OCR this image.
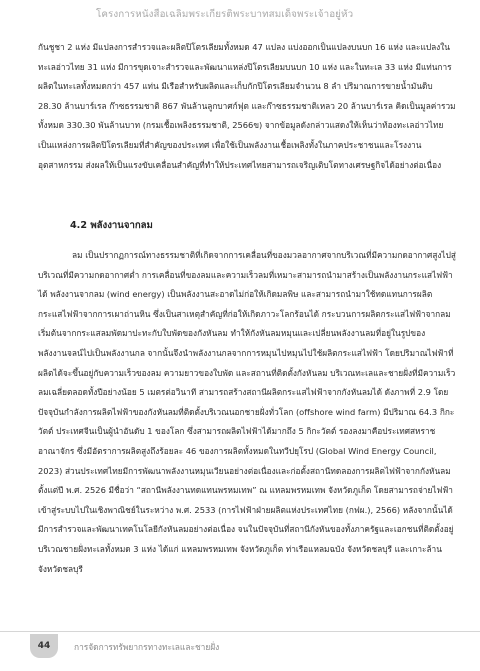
โครงการหนังสือเฉลิมพระเกียรติพระบาทสมเด็จพระเจ้าอยู่หัว

กันชูชา 2 แห่ง มีแปลงการสำรวจและผลิตปิโตรเลียมทั้งหมด 47 แปลง แบ่งออกเป็นแปลงบนบก 16 แห่ง และแปลงในทะเลอ่าวไทย 31 แห่ง มีการขุดเจาะสำรวจและพัฒนาแหล่งปิโตรเลียมบนบก 10 แห่ง และในทะเล 33 แห่ง มีแท่นการผลิตในทะเลทั้งหมดกว่า 457 แท่น มีเรือสำหรับผลิตและเก็บกักปิโตรเลียมจำนวน 8 ลำ ปริมาณการขายน้ำมันดิบ 28.30 ล้านบาร์เรล ก๊าซธรรมชาติ 867 พันล้านลูกบาศก์ฟุต และก๊าซธรรมชาติเหลว 20 ล้านบาร์เรล คิดเป็นมูลค่ารวมทั้งหมด 330.30 พันล้านบาท (กรมเชื้อเพลิงธรรมชาติ, 2566ข) จากข้อมูลดังกล่าวแสดงให้เห็นว่าท้องทะเลอ่าวไทย เป็นแหล่งการผลิตปิโตรเลียมที่สำคัญของประเทศ เพื่อใช้เป็นพลังงานเชื้อเพลิงทั้งในภาคประชาชนและโรงงานอุตสาหกรรม ส่งผลให้เป็นแรงขับเคลื่อนสำคัญที่ทำให้ประเทศไทยสามารถเจริญเติบโตทางเศรษฐกิจได้อย่างต่อเนื่อง

4.2 พลังงานจากลม

ลม เป็นปรากฏการณ์ทางธรรมชาติที่เกิดจากการเคลื่อนที่ของมวลอากาศจากบริเวณที่มีความกดอากาศสูงไปสู่บริเวณที่มีความกดอากาศต่ำ การเคลื่อนที่ของลมและความเร็วลมที่เหมาะสามารถนำมาสร้างเป็นพลังงานกระแสไฟฟ้าได้ พลังงานจากลม (wind energy) เป็นพลังงานสะอาดไม่ก่อให้เกิดมลพิษ และสามารถนำมาใช้ทดแทนการผลิตกระแสไฟฟ้าจากการเผาถ่านหิน ซึ่งเป็นสาเหตุสำคัญที่ก่อให้เกิดภาวะโลกร้อนได้ กระบวนการผลิตกระแสไฟฟ้าจากลมเริ่มต้นจากกระแสลมพัดมาปะทะกับใบพัดของกังหันลม ทำให้กังหันลมหมุนและเปลี่ยนพลังงานลมที่อยู่ในรูปของพลังงานจลน์ไปเป็นพลังงานกล จากนั้นจึงนำพลังงานกลจากการหมุนไปหมุนไปใช้ผลิตกระแสไฟฟ้า โดยปริมาณไฟฟ้าที่ผลิตได้จะขึ้นอยู่กับความเร็วของลม ความยาวของใบพัด และสถานที่ติดตั้งกังหันลม บริเวณทะเลและชายฝั่งที่มีความเร็วลมเฉลี่ยตลอดทั้งปีอย่างน้อย 5 เมตรต่อวินาที สามารถสร้างสถานีผลิตกระแสไฟฟ้าจากกังหันลมได้ ดังภาพที่ 2.9 โดยปัจจุบันกำลังการผลิตไฟฟ้าของกังหันลมที่ติดตั้งบริเวณนอกชายฝั่งทั่วโลก (offshore wind farm) มีปริมาณ 64.3 กิกะวัตต์ ประเทศจีนเป็นผู้นำอันดับ 1 ของโลก ซึ่งสามารถผลิตไฟฟ้าได้มากถึง 5 กิกะวัตต์ รองลงมาคือประเทศสหราชอาณาจักร ซึ่งมีอัตราการผลิตสูงถึงร้อยละ 46 ของการผลิตทั้งหมดในทวีปยุโรป (Global Wind Energy Council, 2023) ส่วนประเทศไทยมีการพัฒนาพลังงานหมุนเวียนอย่างต่อเนื่องและก่อตั้งสถานีทดลองการผลิตไฟฟ้าจากกังหันลม ตั้งแต่ปี พ.ศ. 2526 มีชื่อว่า “สถานีพลังงานทดแทนพรหมเทพ” ณ แหลมพรหมเทพ จังหวัดภูเก็ต โดยสามารถจ่ายไฟฟ้าเข้าสู่ระบบไปในเชิงพาณิชย์ในระหว่าง พ.ศ. 2533 (การไฟฟ้าฝ่ายผลิตแห่งประเทศไทย (กฟผ.), 2566) หลังจากนั้นได้มีการสำรวจและพัฒนาเทคโนโลยีกังหันลมอย่างต่อเนื่อง จนในปัจจุบันที่สถานีกังหันของทั้งภาครัฐและเอกชนที่ติดตั้งอยู่บริเวณชายฝั่งทะเลทั้งหมด 3 แห่ง ได้แก่ แหลมพรหมเทพ จังหวัดภูเก็ต ท่าเรือแหลมฉบัง จังหวัดชลบุรี และเกาะล้าน จังหวัดชลบุรี

44	การจัดการทรัพยากรทางทะเลและชายฝั่ง
